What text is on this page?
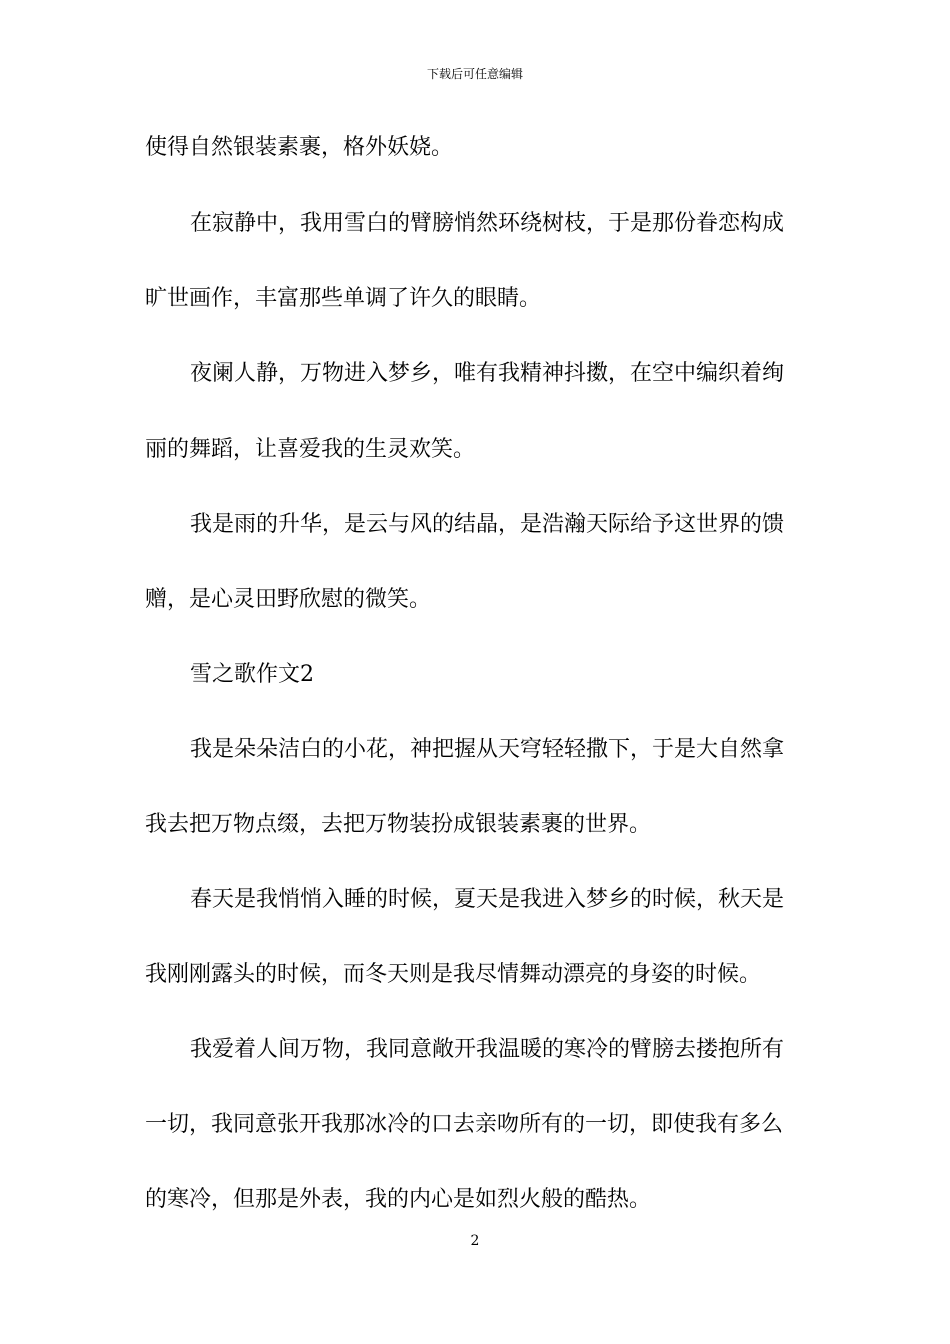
下载后可任意编辑
使得自然银装素裹，格外妖娆。
在寂静中，我用雪白的臂膀悄然环绕树枝，于是那份眷恋构成
旷世画作，丰富那些单调了许久的眼睛。
夜阑人静，万物进入梦乡，唯有我精神抖擞，在空中编织着绚
丽的舞蹈，让喜爱我的生灵欢笑。
我是雨的升华，是云与风的结晶，是浩瀚天际给予这世界的馈
赠，是心灵田野欣慰的微笑。
雪之歌作文2
我是朵朵洁白的小花，神把握从天穹轻轻撒下，于是大自然拿
我去把万物点缀，去把万物装扮成银装素裹的世界。
春天是我悄悄入睡的时候，夏天是我进入梦乡的时候，秋天是
我刚刚露头的时候，而冬天则是我尽情舞动漂亮的身姿的时候。
我爱着人间万物，我同意敞开我温暖的寒冷的臂膀去搂抱所有
一切，我同意张开我那冰冷的口去亲吻所有的一切，即使我有多么
的寒冷，但那是外表，我的内心是如烈火般的酷热。
2
